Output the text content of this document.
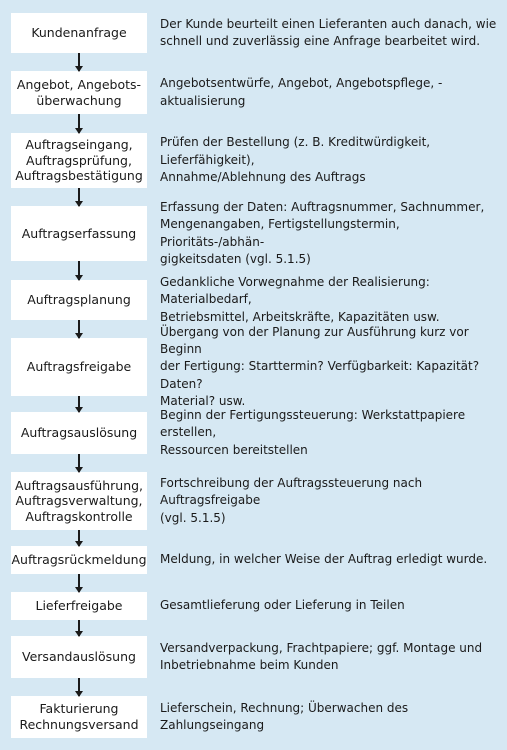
Kundenanfrage
Angebot, Angebots-
überwachung
Auftragseingang,
Auftragsprüfung,
Auftragsbestätigung
Auftragserfassung
Auftragsplanung
Auftragsfreigabe
Auftragsauslösung
Auftragsausführung,
Auftragsverwaltung,
Auftragskontrolle
Auftragsrückmeldung
Lieferfreigabe
Versandauslösung
Fakturierung
Rechnungsversand
Der Kunde beurteilt einen Lieferanten auch danach, wie
schnell und zuverlässig eine Anfrage bearbeitet wird.
Angebotsentwürfe, Angebot, Angebotspflege, -aktualisierung
Prüfen der Bestellung (z. B. Kreditwürdigkeit, Lieferfähigkeit),
Annahme/Ablehnung des Auftrags
Erfassung der Daten: Auftragsnummer, Sachnummer,
Mengenangaben, Fertigstellungstermin, Prioritäts-/abhän-
gigkeitsdaten (vgl. 5.1.5)
Gedankliche Vorwegnahme der Realisierung: Materialbedarf,
Betriebsmittel, Arbeitskräfte, Kapazitäten usw.
Übergang von der Planung zur Ausführung kurz vor Beginn
der Fertigung: Starttermin? Verfügbarkeit: Kapazität? Daten?
Material? usw.
Beginn der Fertigungssteuerung: Werkstattpapiere erstellen,
Ressourcen bereitstellen
Fortschreibung der Auftragssteuerung nach Auftragsfreigabe
(vgl. 5.1.5)
Meldung, in welcher Weise der Auftrag erledigt wurde.
Gesamtlieferung oder Lieferung in Teilen
Versandverpackung, Frachtpapiere; ggf. Montage und
Inbetriebnahme beim Kunden
Lieferschein, Rechnung; Überwachen des Zahlungseingang
